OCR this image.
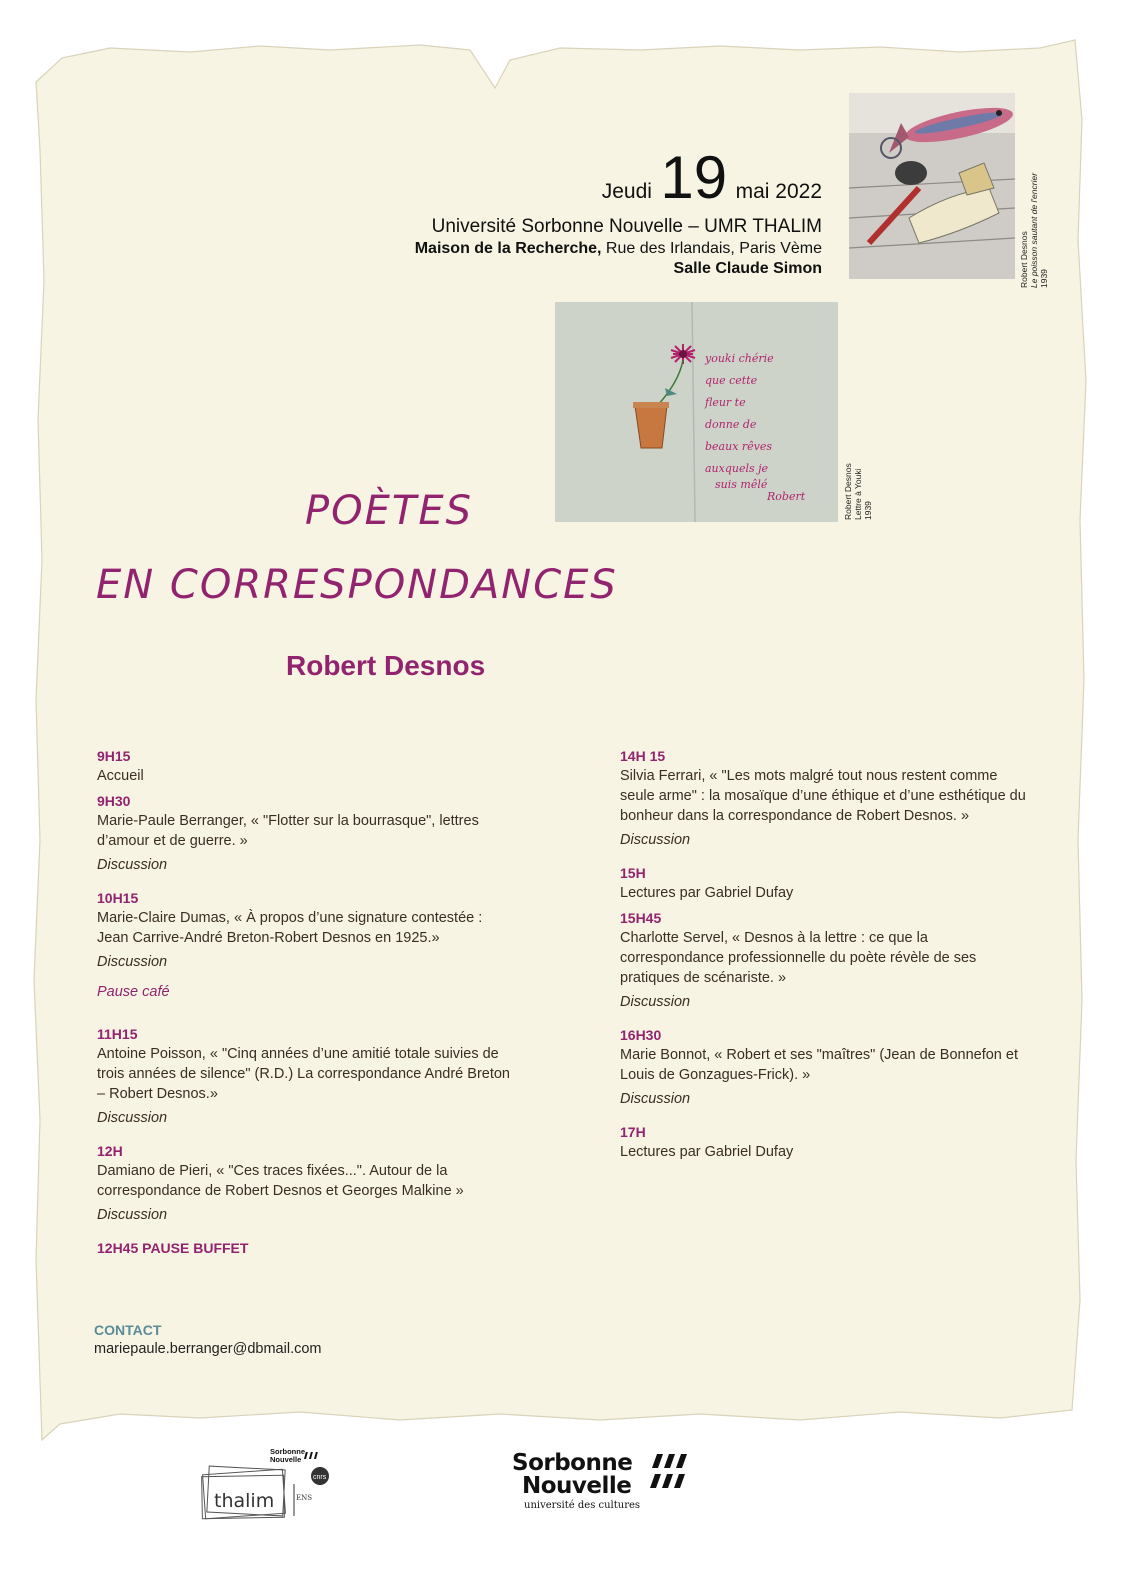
Jeudi 19 mai 2022
Université Sorbonne Nouvelle – UMR THALIM
Maison de la Recherche, Rue des Irlandais, Paris Vème
Salle Claude Simon	Robert Desnos Le poisson sautant de l'encrier 1939
youki chérie
que cette
fleur te
donne de
beaux rêves
auxquels je
suis mêlé
Robert	Robert Desnos Lettre à Youki 1939
POÈTES
EN CORRESPONDANCES
Robert Desnos
9H15
Accueil
9H30
Marie-Paule Berranger, « "Flotter sur la bourrasque", lettres d’amour et de guerre. »
Discussion
10H15
Marie-Claire Dumas, « À propos d’une signature contestée : Jean Carrive-André Breton-Robert Desnos en 1925.»
Discussion
Pause café
11H15
Antoine Poisson, « "Cinq années d’une amitié totale suivies de trois années de silence" (R.D.) La correspondance André Breton – Robert Desnos.»
Discussion
12H
Damiano de Pieri, « "Ces traces fixées...". Autour de la correspondance de Robert Desnos et Georges Malkine »
Discussion
12H45 PAUSE BUFFET
14H 15
Silvia Ferrari, « "Les mots malgré tout nous restent comme seule arme" : la mosaïque d’une éthique et d’une esthétique du bonheur dans la correspondance de Robert Desnos. »
Discussion
15H
Lectures par Gabriel Dufay
15H45
Charlotte Servel, « Desnos à la lettre : ce que la correspondance professionnelle du poète révèle de ses pratiques de scénariste. »
Discussion
16H30
Marie Bonnot, « Robert et ses "maîtres" (Jean de Bonnefon et Louis de Gonzagues-Frick). »
Discussion
17H
Lectures par Gabriel Dufay
CONTACT
mariepaule.berranger@dbmail.com
thalim
Sorbonne
Nouvelle
cnrs
ENS
Sorbonne
Nouvelle
université des cultures
